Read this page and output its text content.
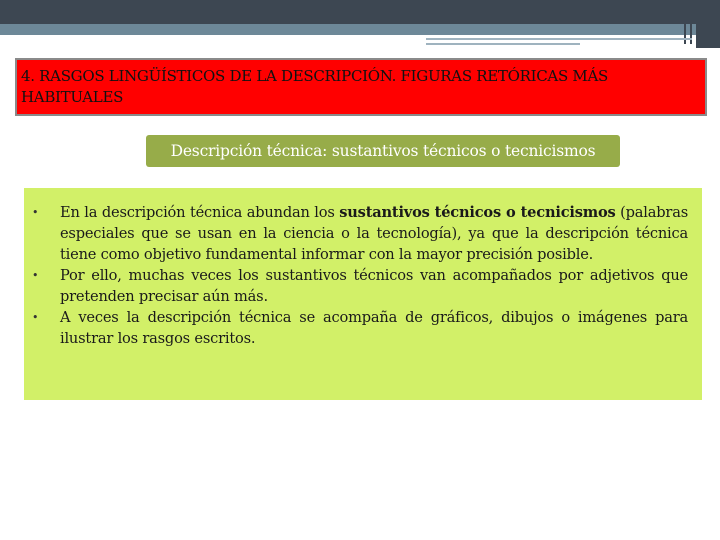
4. RASGOS LINGÜÍSTICOS DE LA DESCRIPCIÓN. FIGURAS RETÓRICAS MÁS HABITUALES
Descripción técnica: sustantivos técnicos o tecnicismos
•	En la descripción técnica abundan los sustantivos técnicos o tecnicismos (palabras especiales que se usan en la ciencia o la tecnología), ya que la descripción técnica tiene como objetivo fundamental informar con la mayor precisión posible.
•	Por ello, muchas veces los sustantivos técnicos van acompañados por adjetivos que pretenden precisar aún más.
•	A veces la descripción técnica se acompaña de gráficos, dibujos o imágenes para ilustrar los rasgos escritos.
